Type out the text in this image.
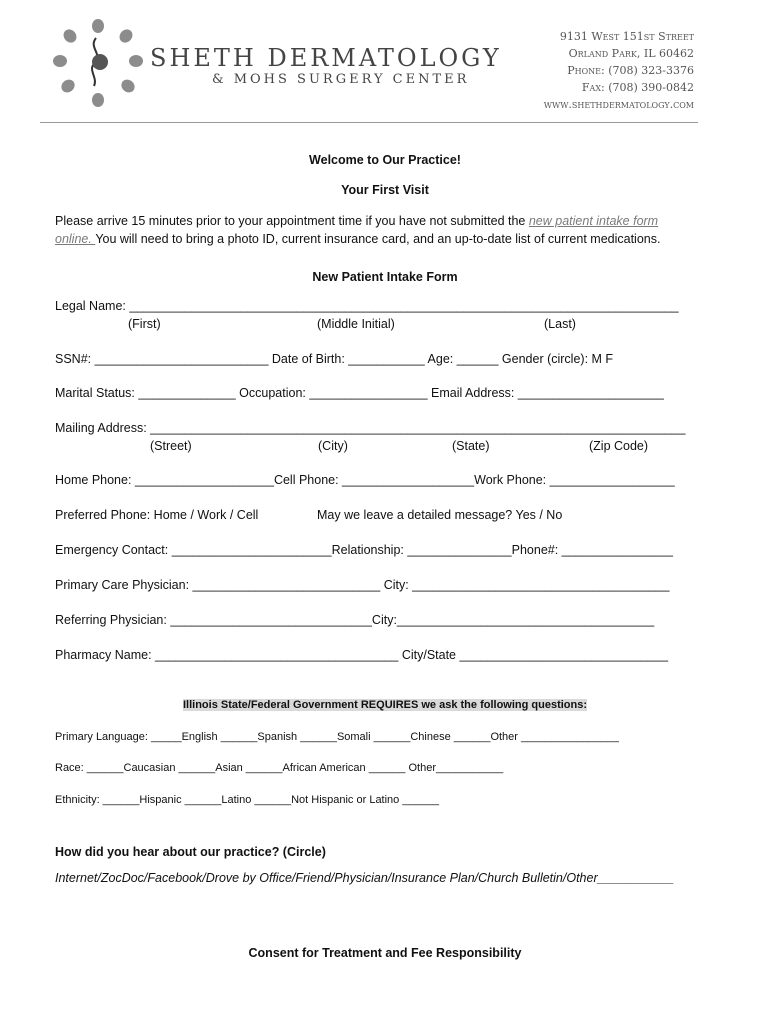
SHETH DERMATOLOGY
& MOHS SURGERY CENTER
9131 West 151st Street
Orland Park, IL 60462
Phone: (708) 323-3376
Fax: (708) 390-0842
www.shethdermatology.com
Welcome to Our Practice!
Your First Visit
Please arrive 15 minutes prior to your appointment time if you have not submitted the new patient intake form
online. You will need to bring a photo ID, current insurance card, and an up-to-date list of current medications.
New Patient Intake Form
Legal Name: _______________________________________________________________________________
(First)	(Middle Initial)	(Last)
SSN#: _________________________ Date of Birth: ___________ Age: ______ Gender (circle): M F
Marital Status: ______________ Occupation: _________________ Email Address: _____________________
Mailing Address: _____________________________________________________________________________
(Street)	(City)	(State)	(Zip Code)
Home Phone: ____________________Cell Phone: ___________________Work Phone: __________________
Preferred Phone: Home / Work / Cell	May we leave a detailed message? Yes / No
Emergency Contact: _______________________Relationship: _______________Phone#: ________________
Primary Care Physician: ___________________________ City: _____________________________________
Referring Physician: _____________________________City:_____________________________________
Pharmacy Name: ___________________________________ City/State ______________________________
Illinois State/Federal Government REQUIRES we ask the following questions:
Primary Language: _____English ______Spanish ______Somali ______Chinese ______Other ________________
Race: ______Caucasian ______Asian ______African American ______ Other___________
Ethnicity: ______Hispanic ______Latino ______Not Hispanic or Latino ______
How did you hear about our practice? (Circle)
Internet/ZocDoc/Facebook/Drove by Office/Friend/Physician/Insurance Plan/Church Bulletin/Other___________
Consent for Treatment and Fee Responsibility
